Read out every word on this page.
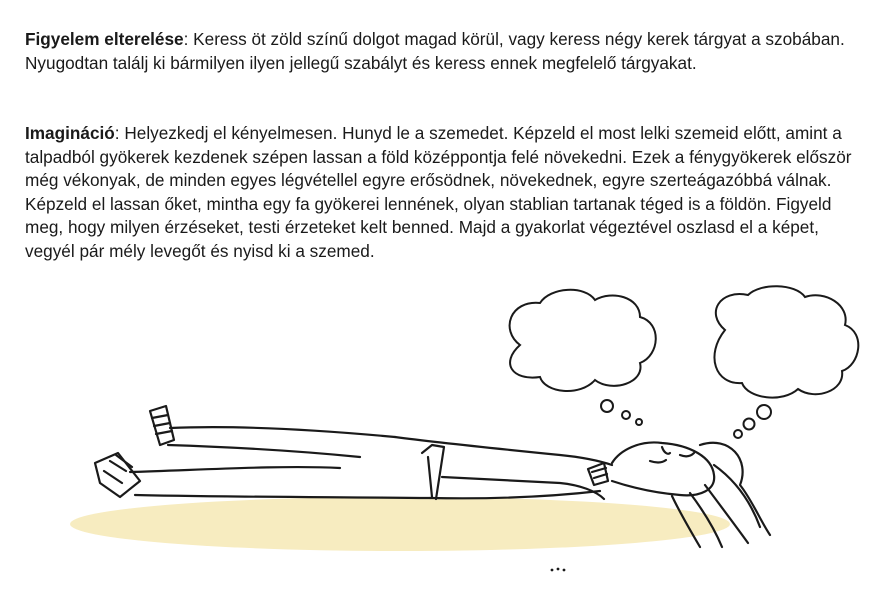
Figyelem elterelése: Keress öt zöld színű dolgot magad körül, vagy keress négy kerek tárgyat a szobában. Nyugodtan találj ki bármilyen ilyen jellegű szabályt és keress ennek megfelelő tárgyakat.

Imagináció: Helyezkedj el kényelmesen. Hunyd le a szemedet. Képzeld el most lelki szemeid előtt, amint a talpadból gyökerek kezdenek szépen lassan a föld középpontja felé növekedni. Ezek a fénygyökerek először még vékonyak, de minden egyes légvétellel egyre erősödnek, növekednek, egyre szerteágazóbbá válnak. Képzeld el lassan őket, mintha egy fa gyökerei lennének, olyan stablian tartanak téged is a földön. Figyeld meg, hogy milyen érzéseket, testi érzeteket kelt benned. Majd a gyakorlat végeztével oszlasd el a képet, vegyél pár mély levegőt és nyisd ki a szemed.
